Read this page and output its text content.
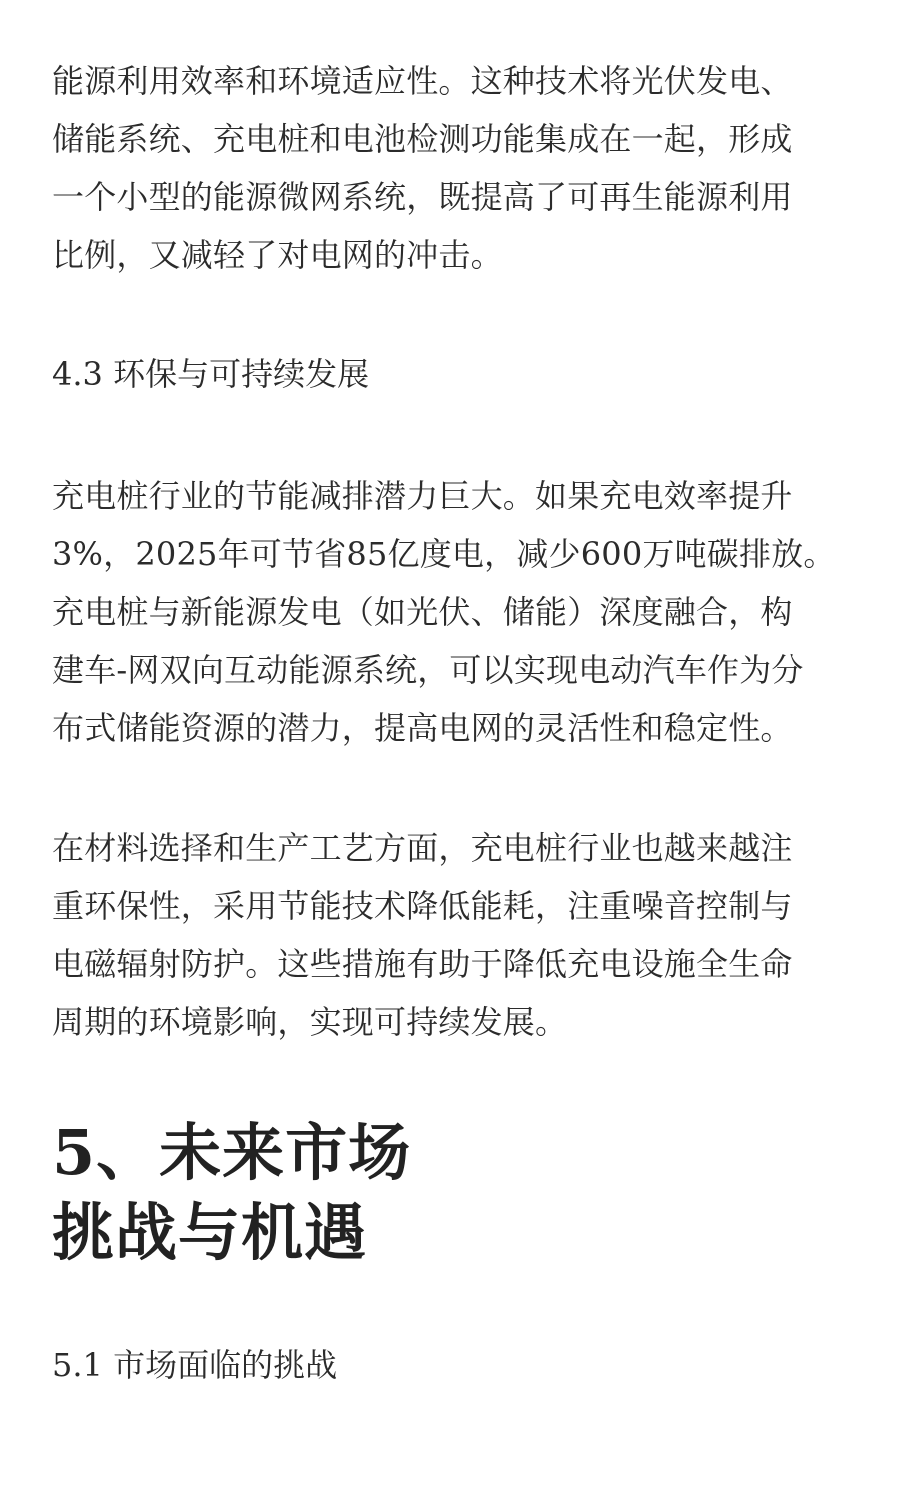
能源利用效率和环境适应性。这种技术将光伏发电、

储能系统、充电桩和电池检测功能集成在一起，形成

一个小型的能源微网系统，既提高了可再生能源利用

比例，又减轻了对电网的冲击。

4.3 环保与可持续发展

充电桩行业的节能减排潜力巨大。如果充电效率提升

3%，2025年可节省85亿度电，减少600万吨碳排放。

充电桩与新能源发电（如光伏、储能）深度融合，构

建车-网双向互动能源系统，可以实现电动汽车作为分

布式储能资源的潜力，提高电网的灵活性和稳定性。

在材料选择和生产工艺方面，充电桩行业也越来越注

重环保性，采用节能技术降低能耗，注重噪音控制与

电磁辐射防护。这些措施有助于降低充电设施全生命

周期的环境影响，实现可持续发展。

5、未来市场
挑战与机遇
5.1 市场面临的挑战
